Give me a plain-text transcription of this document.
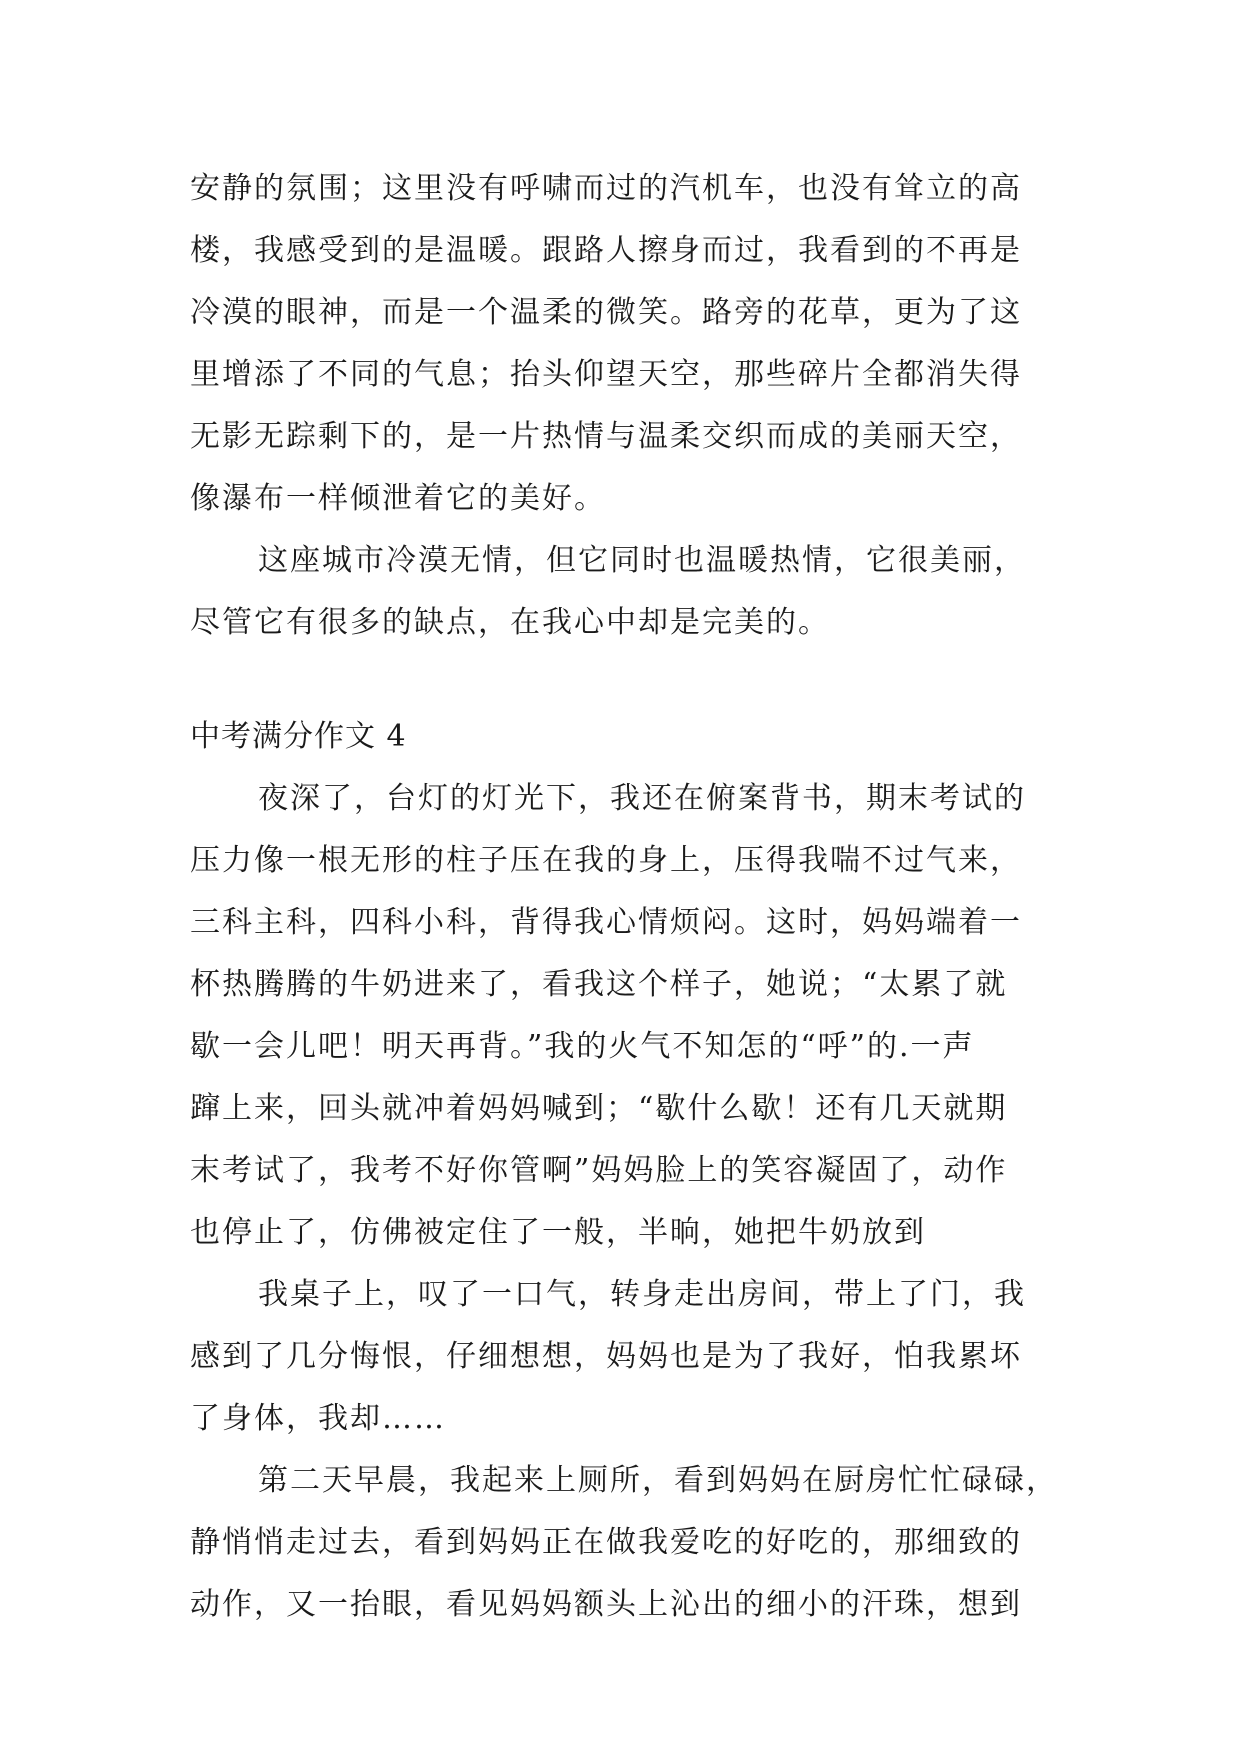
安静的氛围；这里没有呼啸而过的汽机车，也没有耸立的高
楼，我感受到的是温暖。跟路人擦身而过，我看到的不再是
冷漠的眼神，而是一个温柔的微笑。路旁的花草，更为了这
里增添了不同的气息；抬头仰望天空，那些碎片全都消失得
无影无踪剩下的，是一片热情与温柔交织而成的美丽天空，
像瀑布一样倾泄着它的美好。
这座城市冷漠无情，但它同时也温暖热情，它很美丽，
尽管它有很多的缺点，在我心中却是完美的。
中考满分作文 4
夜深了，台灯的灯光下，我还在俯案背书，期末考试的
压力像一根无形的柱子压在我的身上，压得我喘不过气来，
三科主科，四科小科，背得我心情烦闷。这时，妈妈端着一
杯热腾腾的牛奶进来了，看我这个样子，她说；“太累了就
歇一会儿吧！明天再背。”我的火气不知怎的“呼”的.一声
蹿上来，回头就冲着妈妈喊到；“歇什么歇！还有几天就期
末考试了，我考不好你管啊”妈妈脸上的笑容凝固了，动作
也停止了，仿佛被定住了一般，半晌，她把牛奶放到
我桌子上，叹了一口气，转身走出房间，带上了门，我
感到了几分悔恨，仔细想想，妈妈也是为了我好，怕我累坏
了身体，我却……
第二天早晨，我起来上厕所，看到妈妈在厨房忙忙碌碌，
静悄悄走过去，看到妈妈正在做我爱吃的好吃的，那细致的
动作，又一抬眼，看见妈妈额头上沁出的细小的汗珠，想到
